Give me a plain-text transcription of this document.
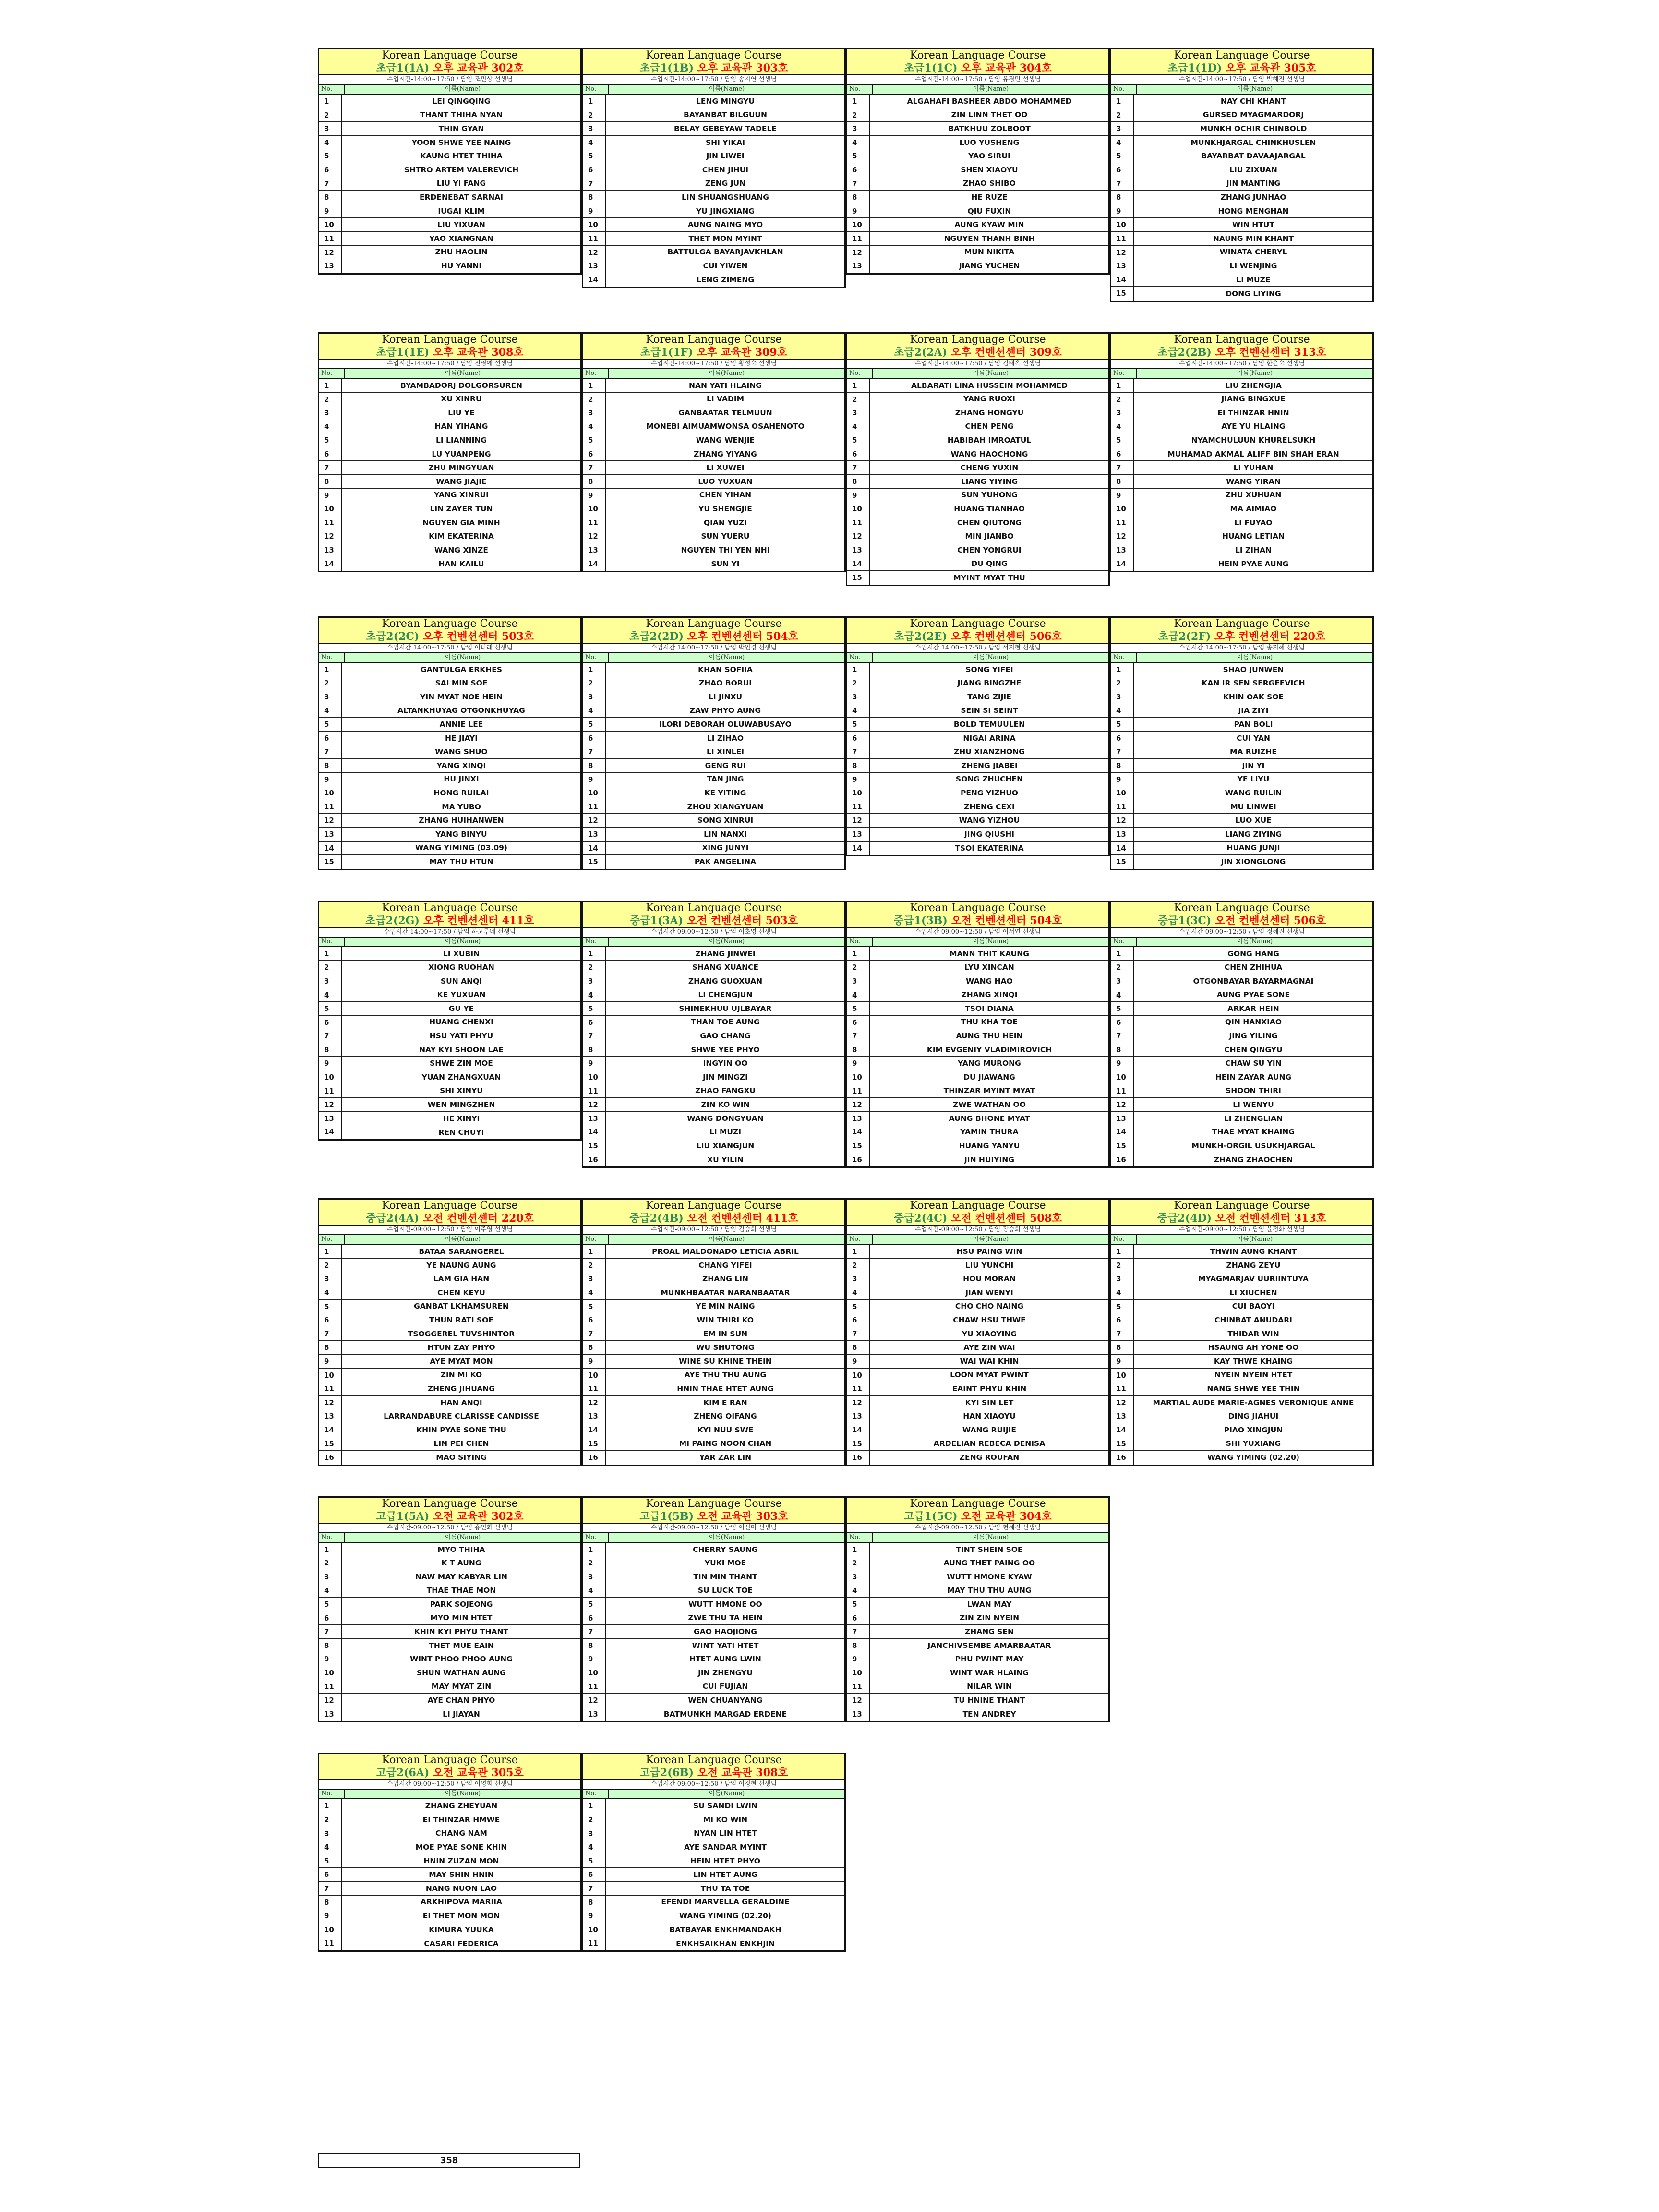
Korean Language Course
초급1(1A) 오후 교육관 302호
수업시간-14:00~17:50 / 담임 조민상 선생님
No.	이름(Name)
1	LEI QINGQING
2	THANT THIHA NYAN
3	THIN GYAN
4	YOON SHWE YEE NAING
5	KAUNG HTET THIHA
6	SHTRO ARTEM VALEREVICH
7	LIU YI FANG
8	ERDENEBAT SARNAI
9	IUGAI KLIM
10	LIU YIXUAN
11	YAO XIANGNAN
12	ZHU HAOLIN
13	HU YANNI
Korean Language Course
초급1(1B) 오후 교육관 303호
수업시간-14:00~17:50 / 담임 송지연 선생님
No.	이름(Name)
1	LENG MINGYU
2	BAYANBAT BILGUUN
3	BELAY GEBEYAW TADELE
4	SHI YIKAI
5	JIN LIWEI
6	CHEN JIHUI
7	ZENG JUN
8	LIN SHUANGSHUANG
9	YU JINGXIANG
10	AUNG NAING MYO
11	THET MON MYINT
12	BATTULGA BAYARJAVKHLAN
13	CUI YIWEN
14	LENG ZIMENG
Korean Language Course
초급1(1C) 오후 교육관 304호
수업시간-14:00~17:50 / 담임 유경민 선생님
No.	이름(Name)
1	ALGAHAFI BASHEER ABDO MOHAMMED
2	ZIN LINN THET OO
3	BATKHUU ZOLBOOT
4	LUO YUSHENG
5	YAO SIRUI
6	SHEN XIAOYU
7	ZHAO SHIBO
8	HE RUZE
9	QIU FUXIN
10	AUNG KYAW MIN
11	NGUYEN THANH BINH
12	MUN NIKITA
13	JIANG YUCHEN
Korean Language Course
초급1(1D) 오후 교육관 305호
수업시간-14:00~17:50 / 담임 박혜진 선생님
No.	이름(Name)
1	NAY CHI KHANT
2	GURSED MYAGMARDORJ
3	MUNKH OCHIR CHINBOLD
4	MUNKHJARGAL CHINKHUSLEN
5	BAYARBAT DAVAAJARGAL
6	LIU ZIXUAN
7	JIN MANTING
8	ZHANG JUNHAO
9	HONG MENGHAN
10	WIN HTUT
11	NAUNG MIN KHANT
12	WINATA CHERYL
13	LI WENJING
14	LI MUZE
15	DONG LIYING
Korean Language Course
초급1(1E) 오후 교육관 308호
수업시간-14:00~17:50 / 담임 전영예 선생님
No.	이름(Name)
1	BYAMBADORJ DOLGORSUREN
2	XU XINRU
3	LIU YE
4	HAN YIHANG
5	LI LIANNING
6	LU YUANPENG
7	ZHU MINGYUAN
8	WANG JIAJIE
9	YANG XINRUI
10	LIN ZAYER TUN
11	NGUYEN GIA MINH
12	KIM EKATERINA
13	WANG XINZE
14	HAN KAILU
Korean Language Course
초급1(1F) 오후 교육관 309호
수업시간-14:00~17:50 / 담임 황성숙 선생님
No.	이름(Name)
1	NAN YATI HLAING
2	LI VADIM
3	GANBAATAR TELMUUN
4	MONEBI AIMUAMWONSA OSAHENOTO
5	WANG WENJIE
6	ZHANG YIYANG
7	LI XUWEI
8	LUO YUXUAN
9	CHEN YIHAN
10	YU SHENGJIE
11	QIAN YUZI
12	SUN YUERU
13	NGUYEN THI YEN NHI
14	SUN YI
Korean Language Course
초급2(2A) 오후 컨벤션센터 309호
수업시간-14:00~17:50 / 담임 김태옥 선생님
No.	이름(Name)
1	ALBARATI LINA HUSSEIN MOHAMMED
2	YANG RUOXI
3	ZHANG HONGYU
4	CHEN PENG
5	HABIBAH IMROATUL
6	WANG HAOCHONG
7	CHENG YUXIN
8	LIANG YIYING
9	SUN YUHONG
10	HUANG TIANHAO
11	CHEN QIUTONG
12	MIN JIANBO
13	CHEN YONGRUI
14	DU QING
15	MYINT MYAT THU
Korean Language Course
초급2(2B) 오후 컨벤션센터 313호
수업시간-14:00~17:50 / 담임 한은숙 선생님
No.	이름(Name)
1	LIU ZHENGJIA
2	JIANG BINGXUE
3	EI THINZAR HNIN
4	AYE YU HLAING
5	NYAMCHULUUN KHURELSUKH
6	MUHAMAD AKMAL ALIFF BIN SHAH ERAN
7	LI YUHAN
8	WANG YIRAN
9	ZHU XUHUAN
10	MA AIMIAO
11	LI FUYAO
12	HUANG LETIAN
13	LI ZIHAN
14	HEIN PYAE AUNG
Korean Language Course
초급2(2C) 오후 컨벤션센터 503호
수업시간-14:00~17:50 / 담임 이나래 선생님
No.	이름(Name)
1	GANTULGA ERKHES
2	SAI MIN SOE
3	YIN MYAT NOE HEIN
4	ALTANKHUYAG OTGONKHUYAG
5	ANNIE LEE
6	HE JIAYI
7	WANG SHUO
8	YANG XINQI
9	HU JINXI
10	HONG RUILAI
11	MA YUBO
12	ZHANG HUIHANWEN
13	YANG BINYU
14	WANG YIMING (03.09)
15	MAY THU HTUN
Korean Language Course
초급2(2D) 오후 컨벤션센터 504호
수업시간-14:00~17:50 / 담임 박인경 선생님
No.	이름(Name)
1	KHAN SOFIIA
2	ZHAO BORUI
3	LI JINXU
4	ZAW PHYO AUNG
5	ILORI DEBORAH OLUWABUSAYO
6	LI ZIHAO
7	LI XINLEI
8	GENG RUI
9	TAN JING
10	KE YITING
11	ZHOU XIANGYUAN
12	SONG XINRUI
13	LIN NANXI
14	XING JUNYI
15	PAK ANGELINA
Korean Language Course
초급2(2E) 오후 컨벤션센터 506호
수업시간-14:00~17:50 / 담임 서지현 선생님
No.	이름(Name)
1	SONG YIFEI
2	JIANG BINGZHE
3	TANG ZIJIE
4	SEIN SI SEINT
5	BOLD TEMUULEN
6	NIGAI ARINA
7	ZHU XIANZHONG
8	ZHENG JIABEI
9	SONG ZHUCHEN
10	PENG YIZHUO
11	ZHENG CEXI
12	WANG YIZHOU
13	JING QIUSHI
14	TSOI EKATERINA
Korean Language Course
초급2(2F) 오후 컨벤션센터 220호
수업시간-14:00~17:50 / 담임 송지혜 선생님
No.	이름(Name)
1	SHAO JUNWEN
2	KAN IR SEN SERGEEVICH
3	KHIN OAK SOE
4	JIA ZIYI
5	PAN BOLI
6	CUI YAN
7	MA RUIZHE
8	JIN YI
9	YE LIYU
10	WANG RUILIN
11	MU LINWEI
12	LUO XUE
13	LIANG ZIYING
14	HUANG JUNJI
15	JIN XIONGLONG
Korean Language Course
초급2(2G) 오후 컨벤션센터 411호
수업시간-14:00~17:50 / 담임 하고루네 선생님
No.	이름(Name)
1	LI XUBIN
2	XIONG RUOHAN
3	SUN ANQI
4	KE YUXUAN
5	GU YE
6	HUANG CHENXI
7	HSU YATI PHYU
8	NAY KYI SHOON LAE
9	SHWE ZIN MOE
10	YUAN ZHANGXUAN
11	SHI XINYU
12	WEN MINGZHEN
13	HE XINYI
14	REN CHUYI
Korean Language Course
중급1(3A) 오전 컨벤션센터 503호
수업시간-09:00~12:50 / 담임 이초영 선생님
No.	이름(Name)
1	ZHANG JINWEI
2	SHANG XUANCE
3	ZHANG GUOXUAN
4	LI CHENGJUN
5	SHINEKHUU UJLBAYAR
6	THAN TOE AUNG
7	GAO CHANG
8	SHWE YEE PHYO
9	INGYIN OO
10	JIN MINGZI
11	ZHAO FANGXU
12	ZIN KO WIN
13	WANG DONGYUAN
14	LI MUZI
15	LIU XIANGJUN
16	XU YILIN
Korean Language Course
중급1(3B) 오전 컨벤션센터 504호
수업시간-09:00~12:50 / 담임 이서연 선생님
No.	이름(Name)
1	MANN THIT KAUNG
2	LYU XINCAN
3	WANG HAO
4	ZHANG XINQI
5	TSOI DIANA
6	THU KHA TOE
7	AUNG THU HEIN
8	KIM EVGENIY VLADIMIROVICH
9	YANG MURONG
10	DU JIAWANG
11	THINZAR MYINT MYAT
12	ZWE WATHAN OO
13	AUNG BHONE MYAT
14	YAMIN THURA
15	HUANG YANYU
16	JIN HUIYING
Korean Language Course
중급1(3C) 오전 컨벤션센터 506호
수업시간-09:00~12:50 / 담임 정혜진 선생님
No.	이름(Name)
1	GONG HANG
2	CHEN ZHIHUA
3	OTGONBAYAR BAYARMAGNAI
4	AUNG PYAE SONE
5	ARKAR HEIN
6	QIN HANXIAO
7	JING YILING
8	CHEN QINGYU
9	CHAW SU YIN
10	HEIN ZAYAR AUNG
11	SHOON THIRI
12	LI WENYU
13	LI ZHENGLIAN
14	THAE MYAT KHAING
15	MUNKH-ORGIL USUKHJARGAL
16	ZHANG ZHAOCHEN
Korean Language Course
중급2(4A) 오전 컨벤션센터 220호
수업시간-09:00~12:50 / 담임 이주영 선생님
No.	이름(Name)
1	BATAA SARANGEREL
2	YE NAUNG AUNG
3	LAM GIA HAN
4	CHEN KEYU
5	GANBAT LKHAMSUREN
6	THUN RATI SOE
7	TSOGGEREL TUVSHINTOR
8	HTUN ZAY PHYO
9	AYE MYAT MON
10	ZIN MI KO
11	ZHENG JIHUANG
12	HAN ANQI
13	LARRANDABURE CLARISSE CANDISSE
14	KHIN PYAE SONE THU
15	LIN PEI CHEN
16	MAO SIYING
Korean Language Course
중급2(4B) 오전 컨벤션센터 411호
수업시간-09:00~12:50 / 담임 김승희 선생님
No.	이름(Name)
1	PROAL MALDONADO LETICIA ABRIL
2	CHANG YIFEI
3	ZHANG LIN
4	MUNKHBAATAR NARANBAATAR
5	YE MIN NAING
6	WIN THIRI KO
7	EM IN SUN
8	WU SHUTONG
9	WINE SU KHINE THEIN
10	AYE THU THU AUNG
11	HNIN THAE HTET AUNG
12	KIM E RAN
13	ZHENG QIFANG
14	KYI NUU SWE
15	MI PAING NOON CHAN
16	YAR ZAR LIN
Korean Language Course
중급2(4C) 오전 컨벤션센터 508호
수업시간-09:00~12:50 / 담임 장승희 선생님
No.	이름(Name)
1	HSU PAING WIN
2	LIU YUNCHI
3	HOU MORAN
4	JIAN WENYI
5	CHO CHO NAING
6	CHAW HSU THWE
7	YU XIAOYING
8	AYE ZIN WAI
9	WAI WAI KHIN
10	LOON MYAT PWINT
11	EAINT PHYU KHIN
12	KYI SIN LET
13	HAN XIAOYU
14	WANG RUIJIE
15	ARDELIAN REBECA DENISA
16	ZENG ROUFAN
Korean Language Course
중급2(4D) 오전 컨벤션센터 313호
수업시간-09:00~12:50 / 담임 윤정화 선생님
No.	이름(Name)
1	THWIN AUNG KHANT
2	ZHANG ZEYU
3	MYAGMARJAV UURIINTUYA
4	LI XIUCHEN
5	CUI BAOYI
6	CHINBAT ANUDARI
7	THIDAR WIN
8	HSAUNG AH YONE OO
9	KAY THWE KHAING
10	NYEIN NYEIN HTET
11	NANG SHWE YEE THIN
12	MARTIAL AUDE MARIE-AGNES VERONIQUE ANNE
13	DING JIAHUI
14	PIAO XINGJUN
15	SHI YUXIANG
16	WANG YIMING (02.20)
Korean Language Course
고급1(5A) 오전 교육관 302호
수업시간-09:00~12:50 / 담임 홍인화 선생님
No.	이름(Name)
1	MYO THIHA
2	K T AUNG
3	NAW MAY KABYAR LIN
4	THAE THAE MON
5	PARK SOJEONG
6	MYO MIN HTET
7	KHIN KYI PHYU THANT
8	THET MUE EAIN
9	WINT PHOO PHOO AUNG
10	SHUN WATHAN AUNG
11	MAY MYAT ZIN
12	AYE CHAN PHYO
13	LI JIAYAN
Korean Language Course
고급1(5B) 오전 교육관 303호
수업시간-09:00~12:50 / 담임 이선미 선생님
No.	이름(Name)
1	CHERRY SAUNG
2	YUKI MOE
3	TIN MIN THANT
4	SU LUCK TOE
5	WUTT HMONE OO
6	ZWE THU TA HEIN
7	GAO HAOJIONG
8	WINT YATI HTET
9	HTET AUNG LWIN
10	JIN ZHENGYU
11	CUI FUJIAN
12	WEN CHUANYANG
13	BATMUNKH MARGAD ERDENE
Korean Language Course
고급1(5C) 오전 교육관 304호
수업시간-09:00~12:50 / 담임 현혜진 선생님
No.	이름(Name)
1	TINT SHEIN SOE
2	AUNG THET PAING OO
3	WUTT HMONE KYAW
4	MAY THU THU AUNG
5	LWAN MAY
6	ZIN ZIN NYEIN
7	ZHANG SEN
8	JANCHIVSEMBE AMARBAATAR
9	PHU PWINT MAY
10	WINT WAR HLAING
11	NILAR WIN
12	TU HNINE THANT
13	TEN ANDREY
Korean Language Course
고급2(6A) 오전 교육관 305호
수업시간-09:00~12:50 / 담임 이영화 선생님
No.	이름(Name)
1	ZHANG ZHEYUAN
2	EI THINZAR HMWE
3	CHANG NAM
4	MOE PYAE SONE KHIN
5	HNIN ZUZAN MON
6	MAY SHIN HNIN
7	NANG NUON LAO
8	ARKHIPOVA MARIIA
9	EI THET MON MON
10	KIMURA YUUKA
11	CASARI FEDERICA
Korean Language Course
고급2(6B) 오전 교육관 308호
수업시간-09:00~12:50 / 담임 이정현 선생님
No.	이름(Name)
1	SU SANDI LWIN
2	MI KO WIN
3	NYAN LIN HTET
4	AYE SANDAR MYINT
5	HEIN HTET PHYO
6	LIN HTET AUNG
7	THU TA TOE
8	EFENDI MARVELLA GERALDINE
9	WANG YIMING (02.20)
10	BATBAYAR ENKHMANDAKH
11	ENKHSAIKHAN ENKHJIN
358
